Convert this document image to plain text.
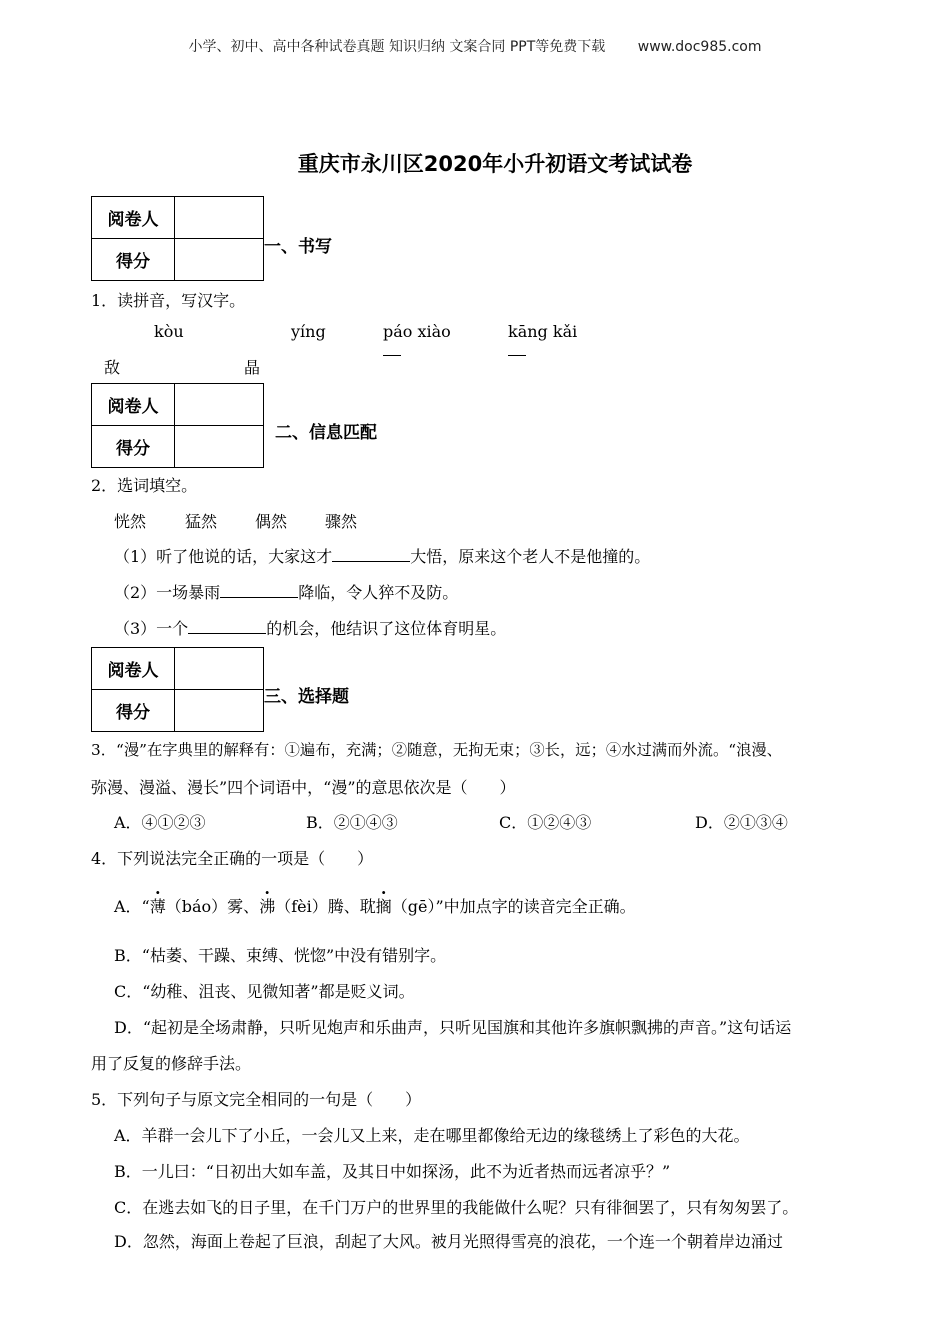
小学、初中、高中各种试卷真题 知识归纳 文案合同 PPT等免费下载 www.doc985.com
重庆市永川区2020年小升初语文考试试卷
阅卷人	
得分	
一、书写
1．读拼音，写汉字。
kòu	yíng	páo xiào	kāng kǎi
敌	晶
阅卷人	
得分	
二、信息匹配
2．选词填空。
恍然 猛然 偶然 骤然
（1）听了他说的话，大家这才	大悟，原来这个老人不是他撞的。
（2）一场暴雨	降临，令人猝不及防。
（3）一个	的机会，他结识了这位体育明星。
阅卷人	
得分	
三、选择题
3．“漫”在字典里的解释有：①遍布，充满；②随意，无拘无束；③长，远；④水过满而外流。“浪漫、
弥漫、漫溢、漫长”四个词语中，“漫”的意思依次是（　　）
A．④①②③	B．②①④③	C．①②④③	D．②①③④
4．下列说法完全正确的一项是（　　）
A．“薄（báo）雾、沸（fèi）腾、耽搁（gē）”中加点字的读音完全正确。
B．“枯萎、干躁、束缚、恍惚”中没有错别字。
C．“幼稚、沮丧、见微知著”都是贬义词。
D．“起初是全场肃静，只听见炮声和乐曲声，只听见国旗和其他许多旗帜飘拂的声音。”这句话运
用了反复的修辞手法。
5．下列句子与原文完全相同的一句是（　　）
A．羊群一会儿下了小丘，一会儿又上来，走在哪里都像给无边的缘毯绣上了彩色的大花。
B．一儿曰：“日初出大如车盖，及其日中如探汤，此不为近者热而远者凉乎？”
C．在逃去如飞的日子里，在千门万户的世界里的我能做什么呢？只有徘徊罢了，只有匆匆罢了。
D．忽然，海面上卷起了巨浪，刮起了大风。被月光照得雪亮的浪花，一个连一个朝着岸边涌过
